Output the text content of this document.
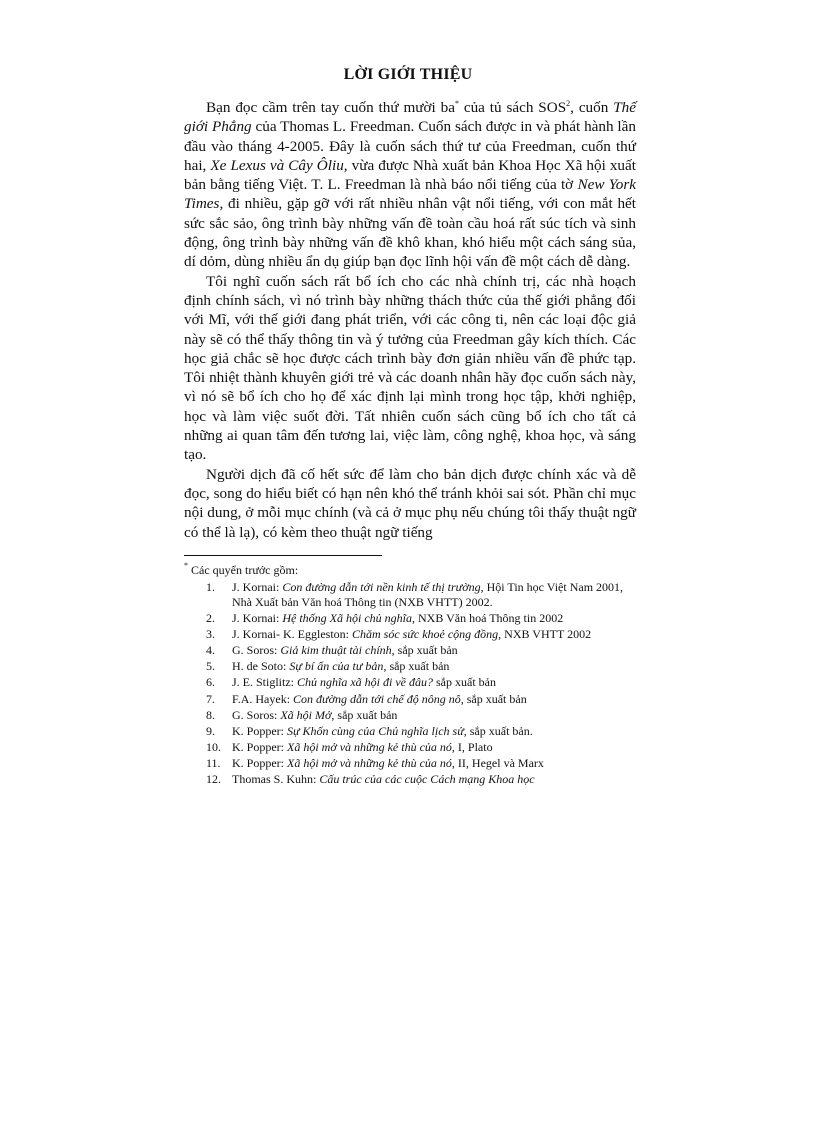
LỜI GIỚI THIỆU

Bạn đọc cầm trên tay cuốn thứ mười ba* của tủ sách SOS$^2$, cuốn Thế giới Phẳng của Thomas L. Freedman. Cuốn sách được in và phát hành lần đầu vào tháng 4-2005. Đây là cuốn sách thứ tư của Freedman, cuốn thứ hai, Xe Lexus và Cây Ôliu, vừa được Nhà xuất bản Khoa Học Xã hội xuất bản bằng tiếng Việt. T. L. Freedman là nhà báo nổi tiếng của tờ New York Times, đi nhiều, gặp gỡ với rất nhiều nhân vật nổi tiếng, với con mắt hết sức sắc sảo, ông trình bày những vấn đề toàn cầu hoá rất súc tích và sinh động, ông trình bày những vấn đề khô khan, khó hiểu một cách sáng sủa, dí dỏm, dùng nhiều ẩn dụ giúp bạn đọc lĩnh hội vấn đề một cách dễ dàng.

Tôi nghĩ cuốn sách rất bổ ích cho các nhà chính trị, các nhà hoạch định chính sách, vì nó trình bày những thách thức của thế giới phẳng đối với Mĩ, với thế giới đang phát triển, với các công ti, nên các loại độc giả này sẽ có thể thấy thông tin và ý tưởng của Freedman gây kích thích. Các học giả chắc sẽ học được cách trình bày đơn giản nhiều vấn đề phức tạp. Tôi nhiệt thành khuyên giới trẻ và các doanh nhân hãy đọc cuốn sách này, vì nó sẽ bổ ích cho họ để xác định lại mình trong học tập, khởi nghiệp, học và làm việc suốt đời. Tất nhiên cuốn sách cũng bổ ích cho tất cả những ai quan tâm đến tương lai, việc làm, công nghệ, khoa học, và sáng tạo.

Người dịch đã cố hết sức để làm cho bản dịch được chính xác và dễ đọc, song do hiểu biết có hạn nên khó thể tránh khỏi sai sót. Phần chỉ mục nội dung, ở mỗi mục chính (và cả ở mục phụ nếu chúng tôi thấy thuật ngữ có thể là lạ), có kèm theo thuật ngữ tiếng

* Các quyển trước gồm:
1. J. Kornai: Con đường dẫn tới nền kinh tế thị trường, Hội Tin học Việt Nam 2001, Nhà Xuất bản Văn hoá Thông tin (NXB VHTT) 2002.
2. J. Kornai: Hệ thống Xã hội chủ nghĩa, NXB Văn hoá Thông tin 2002
3. J. Kornai- K. Eggleston: Chăm sóc sức khoẻ cộng đồng, NXB VHTT 2002
4. G. Soros: Giả kim thuật tài chính, sắp xuất bản
5. H. de Soto: Sự bí ẩn của tư bản, sắp xuất bản
6. J. E. Stiglitz: Chủ nghĩa xã hội đi về đâu? sắp xuất bản
7. F.A. Hayek: Con đường dẫn tới chế độ nông nô, sắp xuất bản
8. G. Soros: Xã hội Mở, sắp xuất bản
9. K. Popper: Sự Khốn cùng của Chủ nghĩa lịch sử, sắp xuất bản.
10. K. Popper: Xã hội mở và những kẻ thù của nó, I, Plato
11. K. Popper: Xã hội mở và những kẻ thù của nó, II, Hegel và Marx
12. Thomas S. Kuhn: Cấu trúc của các cuộc Cách mạng Khoa học
